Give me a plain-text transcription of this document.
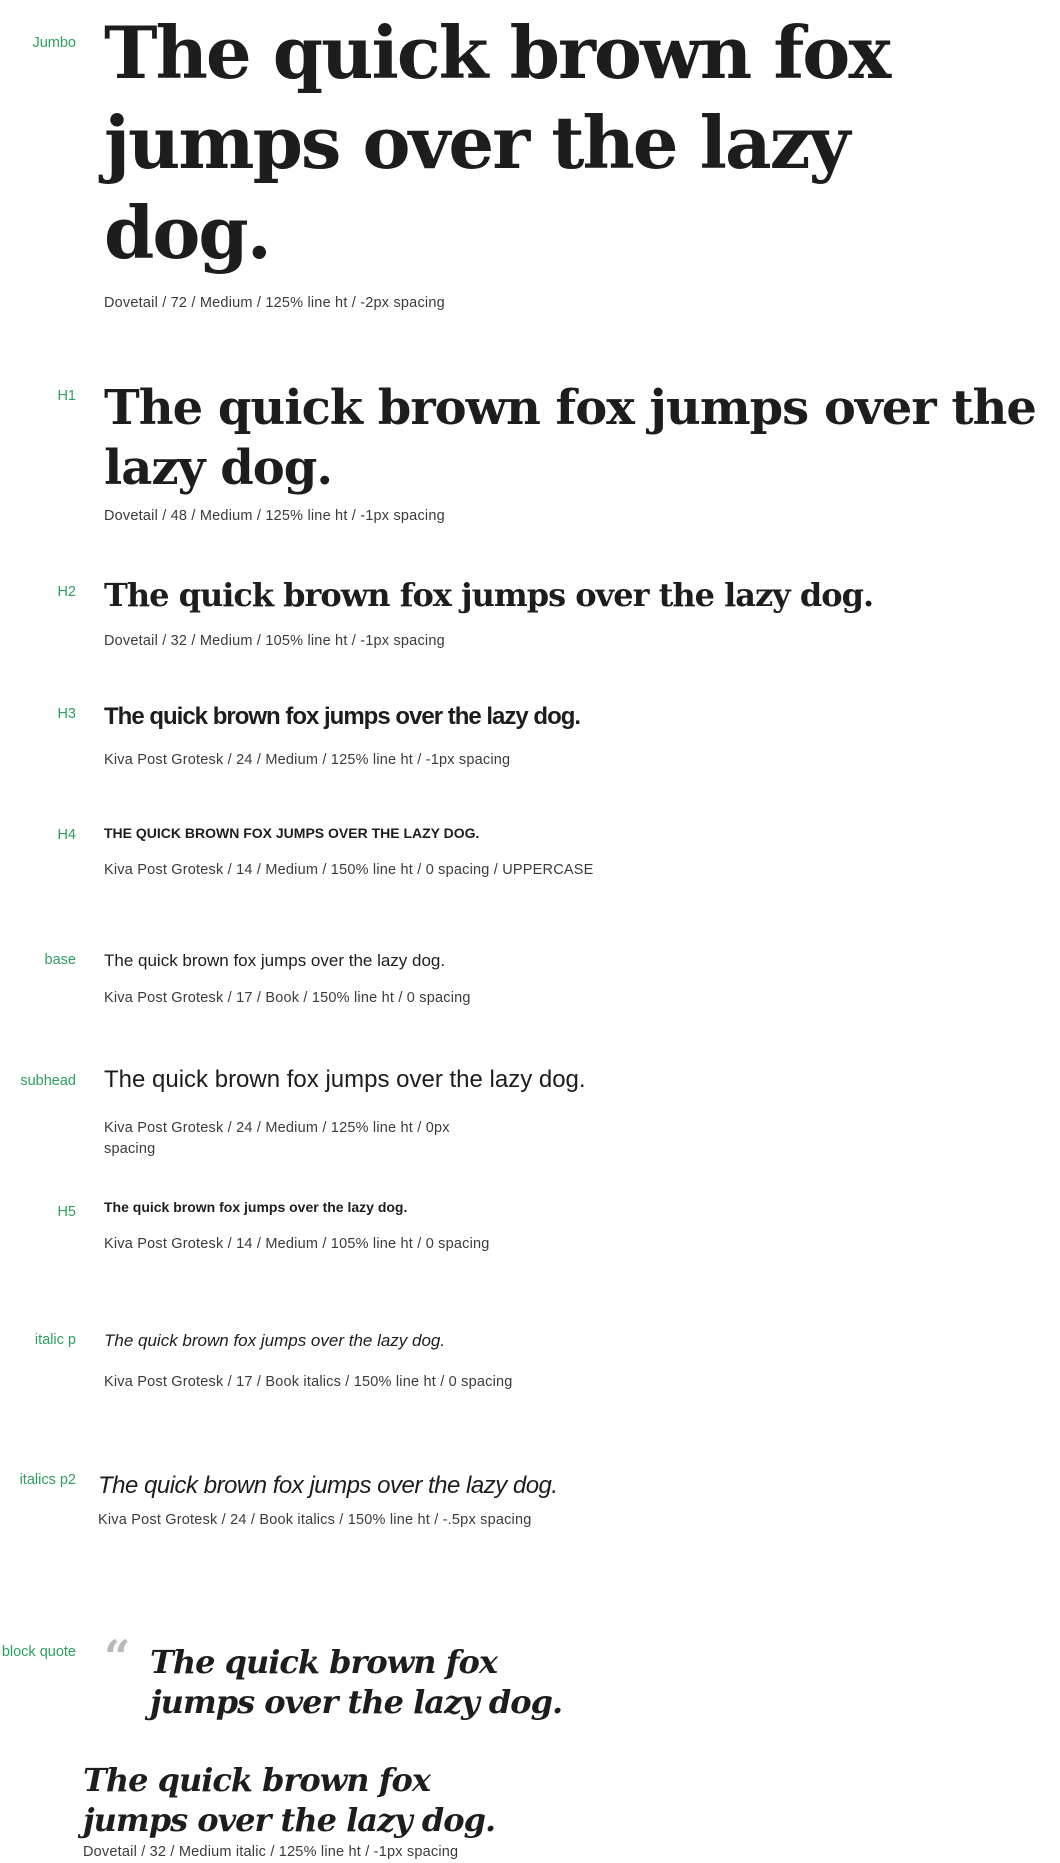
Jumbo The quick brown fox jumps over the lazy dog.
Dovetail / 72 / Medium / 125% line ht / -2px spacing
H1 The quick brown fox jumps over the lazy dog.
Dovetail / 48 / Medium / 125% line ht / -1px spacing
H2 The quick brown fox jumps over the lazy dog.
Dovetail / 32 / Medium / 105% line ht / -1px spacing
H3 The quick brown fox jumps over the lazy dog.
Kiva Post Grotesk / 24 / Medium / 125% line ht / -1px spacing
H4 THE QUICK BROWN FOX JUMPS OVER THE LAZY DOG.
Kiva Post Grotesk / 14 / Medium / 150% line ht / 0 spacing / UPPERCASE
base The quick brown fox jumps over the lazy dog.
Kiva Post Grotesk / 17 / Book / 150% line ht / 0 spacing
subhead The quick brown fox jumps over the lazy dog.
Kiva Post Grotesk / 24 / Medium / 125% line ht / 0px spacing
H5 The quick brown fox jumps over the lazy dog.
Kiva Post Grotesk / 14 / Medium / 105% line ht / 0 spacing
italic p The quick brown fox jumps over the lazy dog.
Kiva Post Grotesk / 17 / Book italics / 150% line ht / 0 spacing
italics p2 The quick brown fox jumps over the lazy dog.
Kiva Post Grotesk / 24 / Book italics / 150% line ht / -.5px spacing
block quote “ The quick brown fox jumps over the lazy dog.
The quick brown fox jumps over the lazy dog.
Dovetail / 32 / Medium italic / 125% line ht / -1px spacing
